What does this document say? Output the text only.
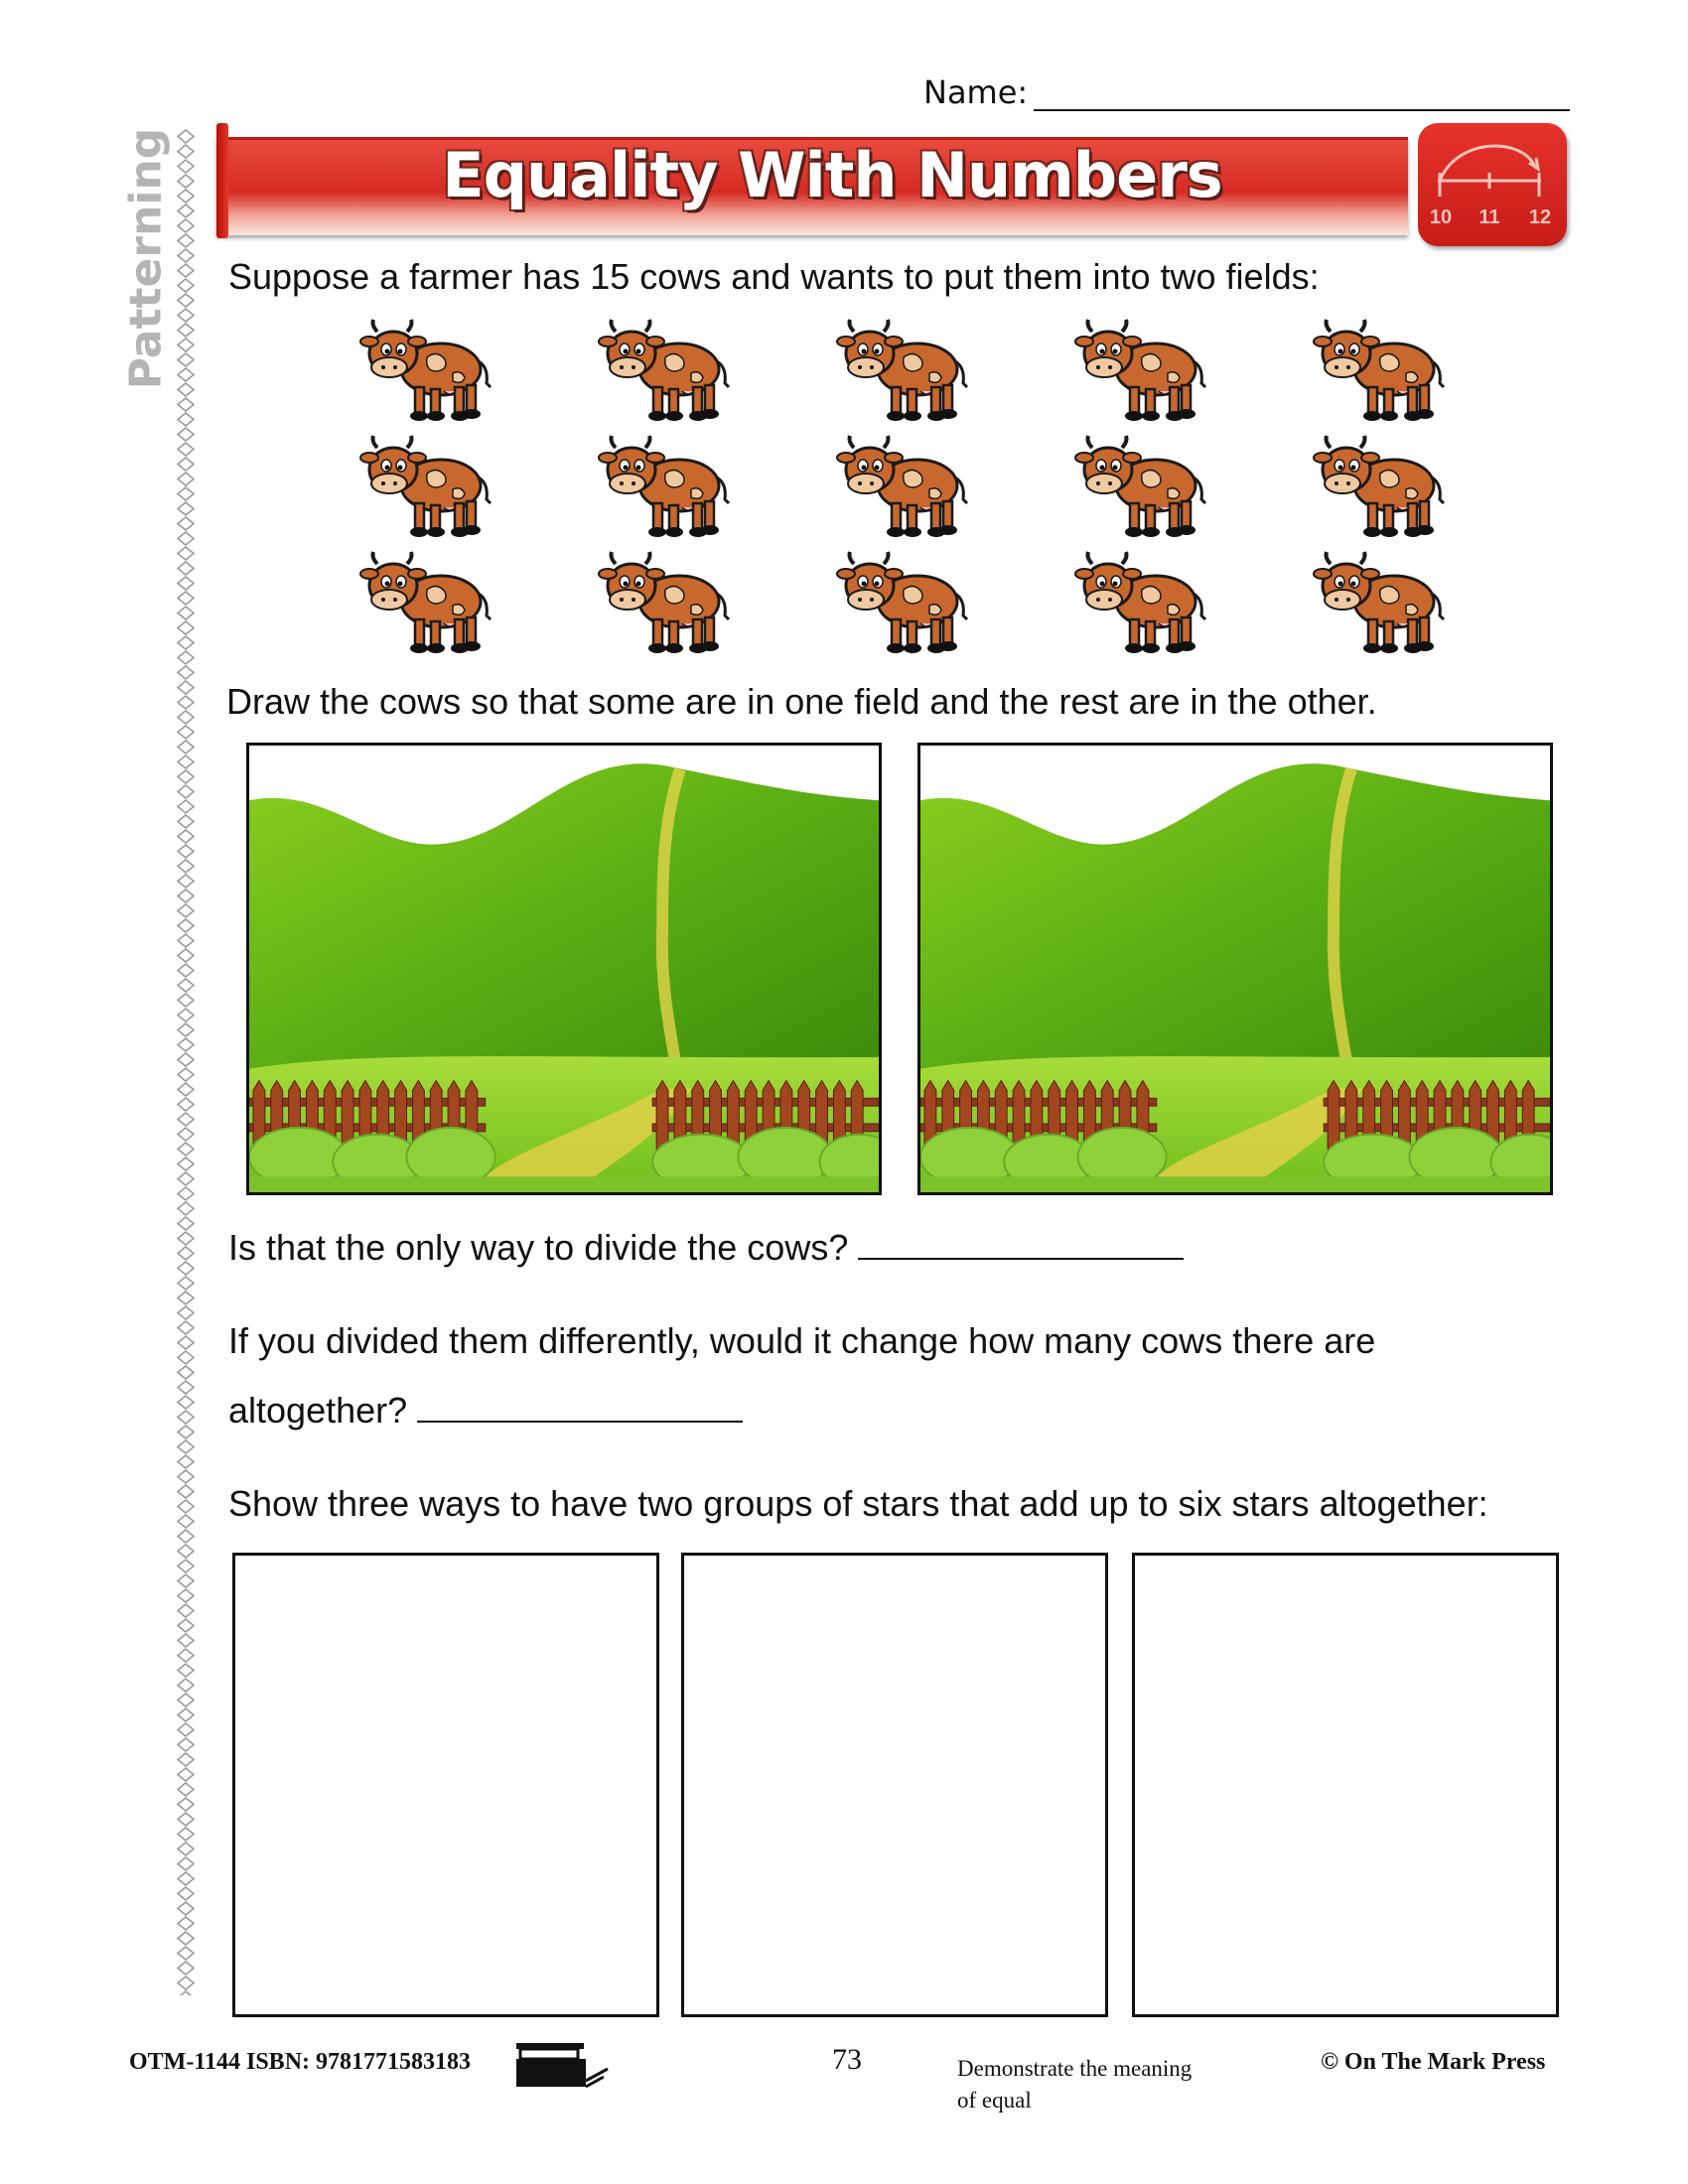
Patterning
Name:
Equality With Numbers
10	11	12
Suppose a farmer has 15 cows and wants to put them into two fields:
Draw the cows so that some are in one field and the rest are in the other.
Is that the only way to divide the cows?
If you divided them differently, would it change how many cows there are
altogether?
Show three ways to have two groups of stars that add up to six stars altogether:
OTM-1144 ISBN: 9781771583183	73	Demonstrate the meaning
of equal
© On The Mark Press
